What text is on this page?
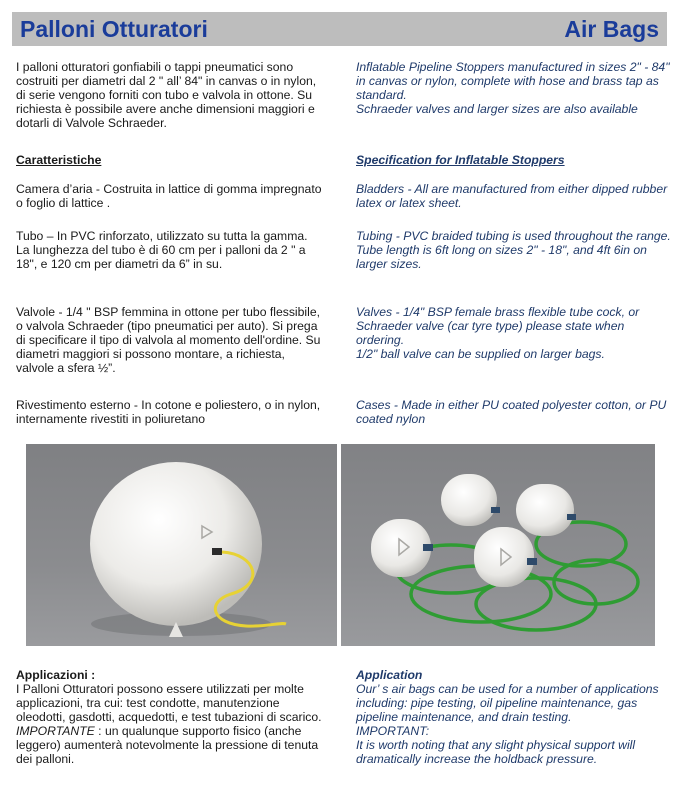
Palloni Otturatori	Air Bags

I palloni otturatori gonfiabili o tappi pneumatici sono costruiti per diametri dal 2 " all’ 84" in canvas o in nylon, di serie vengono forniti con tubo e valvola in ottone. Su richiesta è possibile avere anche dimensioni maggiori e dotarli di Valvole Schraeder.

Inflatable Pipeline Stoppers manufactured in sizes 2" - 84" in canvas or nylon, complete with hose and brass tap as standard.

Schraeder valves and larger sizes are also available

Caratteristiche	Specification for Inflatable Stoppers

Camera d’aria - Costruita in lattice di gomma impregnato o foglio di lattice .

Bladders - All are manufactured from either dipped rubber latex or latex sheet.

Tubo – In PVC rinforzato, utilizzato su tutta la gamma. La lunghezza del tubo è di 60 cm per i palloni da 2 " a 18", e 120 cm per diametri da 6” in su.

Tubing - PVC braided tubing is used throughout the range.

Tube length is 6ft long on sizes 2" - 18", and 4ft 6in on larger sizes.

Valvole - 1/4 " BSP femmina in ottone per tubo flessibile, o valvola Schraeder (tipo pneumatici per auto). Si prega di specificare il tipo di valvola al momento dell'ordine. Su diametri maggiori si possono montare, a richiesta, valvole a sfera ½”.

Valves - 1/4" BSP female brass flexible tube cock, or Schraeder valve (car tyre type) please state when ordering.

1/2" ball valve can be supplied on larger bags.

Rivestimento esterno - In cotone e poliestero, o in nylon, internamente rivestiti in poliuretano

Cases - Made in either PU coated polyester cotton, or PU coated nylon

Applicazioni :

I Palloni Otturatori possono essere utilizzati per molte applicazioni, tra cui: test condotte, manutenzione oleodotti, gasdotti, acquedotti, e test tubazioni di scarico.

IMPORTANTE : un qualunque supporto fisico (anche leggero) aumenterà notevolmente la pressione di tenuta dei palloni.

Application

Our’ s air bags can be used for a number of applications including: pipe testing, oil pipeline maintenance, gas pipeline maintenance, and drain testing.

IMPORTANT:

It is worth noting that any slight physical support will dramatically increase the holdback pressure.
